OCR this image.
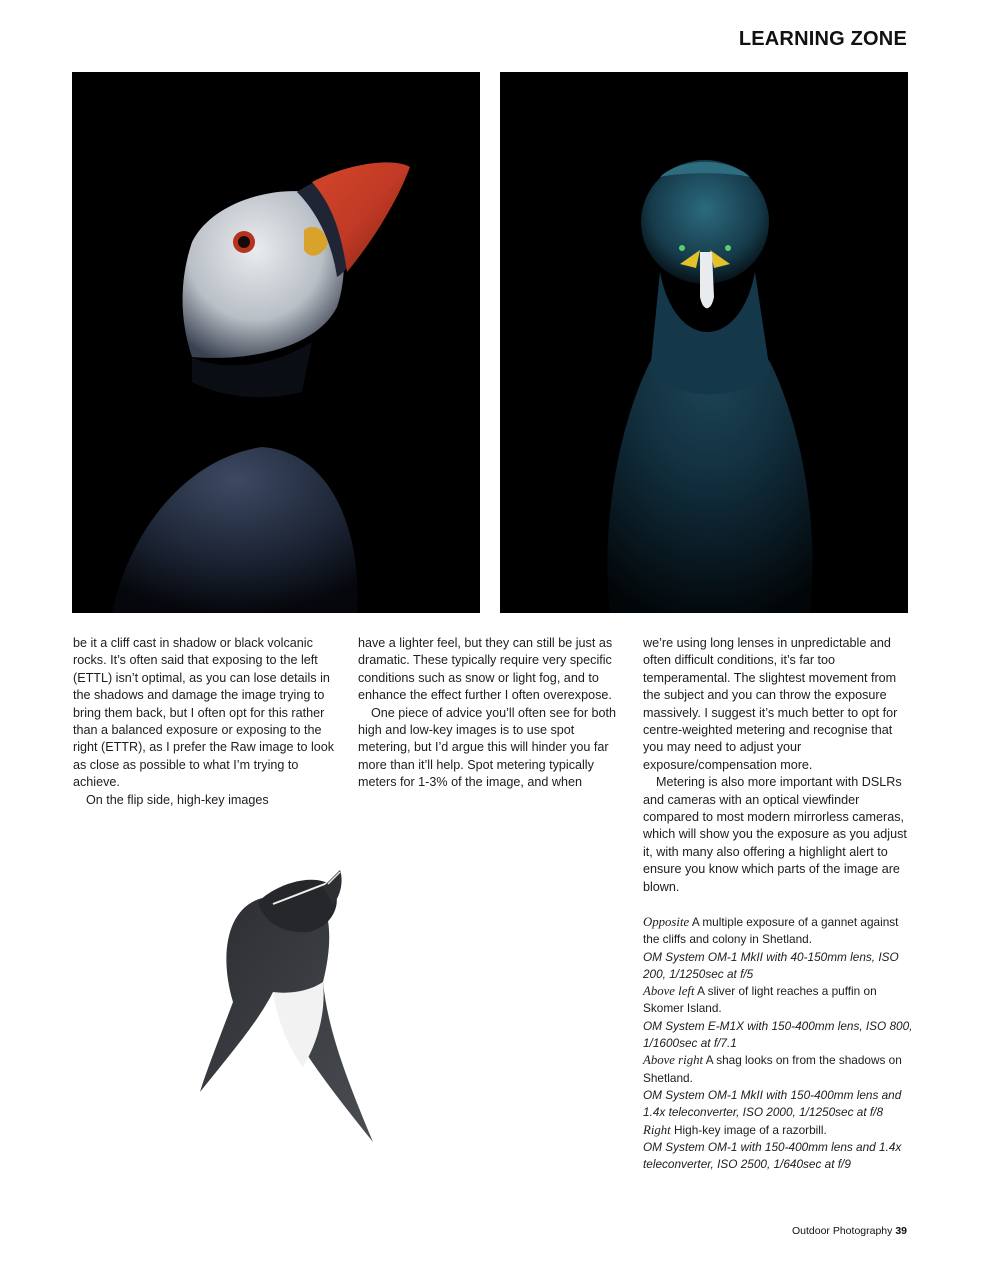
LEARNING ZONE

be it a cliff cast in shadow or black volcanic rocks. It’s often said that exposing to the left (ETTL) isn’t optimal, as you can lose details in the shadows and damage the image trying to bring them back, but I often opt for this rather than a balanced exposure or exposing to the right (ETTR), as I prefer the Raw image to look as close as possible to what I’m trying to achieve.

On the flip side, high-key images

have a lighter feel, but they can still be just as dramatic. These typically require very specific conditions such as snow or light fog, and to enhance the effect further I often overexpose.

One piece of advice you’ll often see for both high and low-key images is to use spot metering, but I’d argue this will hinder you far more than it’ll help. Spot metering typically meters for 1-3% of the image, and when

we’re using long lenses in unpredictable and often difficult conditions, it’s far too temperamental. The slightest movement from the subject and you can throw the exposure massively. I suggest it’s much better to opt for centre-weighted metering and recognise that you may need to adjust your exposure/compensation more.

Metering is also more important with DSLRs and cameras with an optical viewfinder compared to most modern mirrorless cameras, which will show you the exposure as you adjust it, with many also offering a highlight alert to ensure you know which parts of the image are blown.

Opposite A multiple exposure of a gannet against the cliffs and colony in Shetland.
OM System OM-1 MkII with 40-150mm lens, ISO 200, 1/1250sec at f/5
Above left A sliver of light reaches a puffin on Skomer Island.
OM System E-M1X with 150-400mm lens, ISO 800, 1/1600sec at f/7.1
Above right A shag looks on from the shadows on Shetland.
OM System OM-1 MkII with 150-400mm lens and 1.4x teleconverter, ISO 2000, 1/1250sec at f/8
Right High-key image of a razorbill.
OM System OM-1 with 150-400mm lens and 1.4x teleconverter, ISO 2500, 1/640sec at f/9
Outdoor Photography 39
